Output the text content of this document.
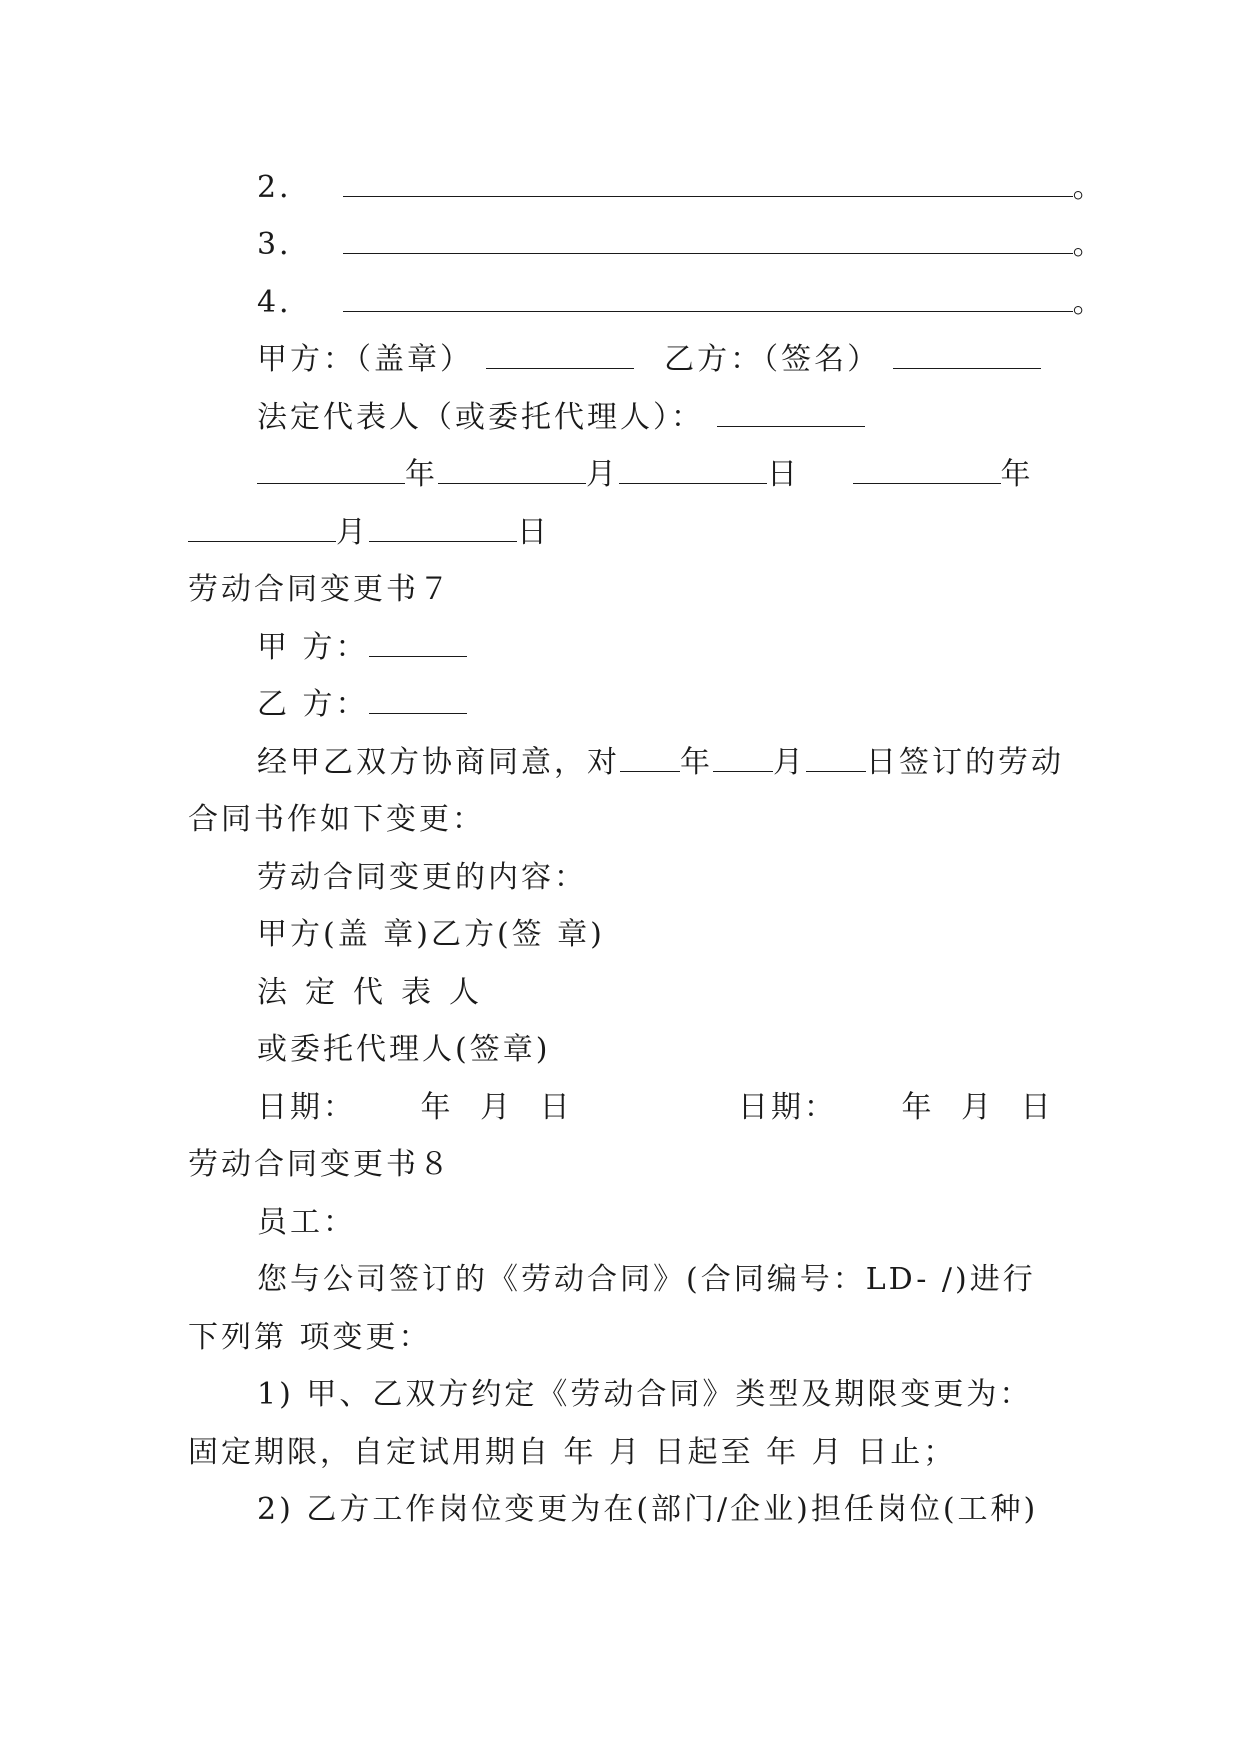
2．	。
3．	。
4．	。
甲方：（盖章）	乙方：（签名）
法定代表人（或委托代理人）：
年	月	日	年
月	日
劳动合同变更书７
甲 方：
乙 方：
经甲乙双方协商同意，对 年 月 日签订的劳动
合同书作如下变更：
劳动合同变更的内容：
甲方(盖 章)乙方(签 章)
法定代表人
或委托代理人(签章)
日期： 年 月 日	日期： 年 月 日
劳动合同变更书８
员工：
您与公司签订的《劳动合同》(合同编号：LD- /)进行
下列第 项变更：
1) 甲、乙双方约定《劳动合同》类型及期限变更为：
固定期限，自定试用期自 年 月 日起至 年 月 日止；
2) 乙方工作岗位变更为在(部门/企业)担任岗位(工种)
